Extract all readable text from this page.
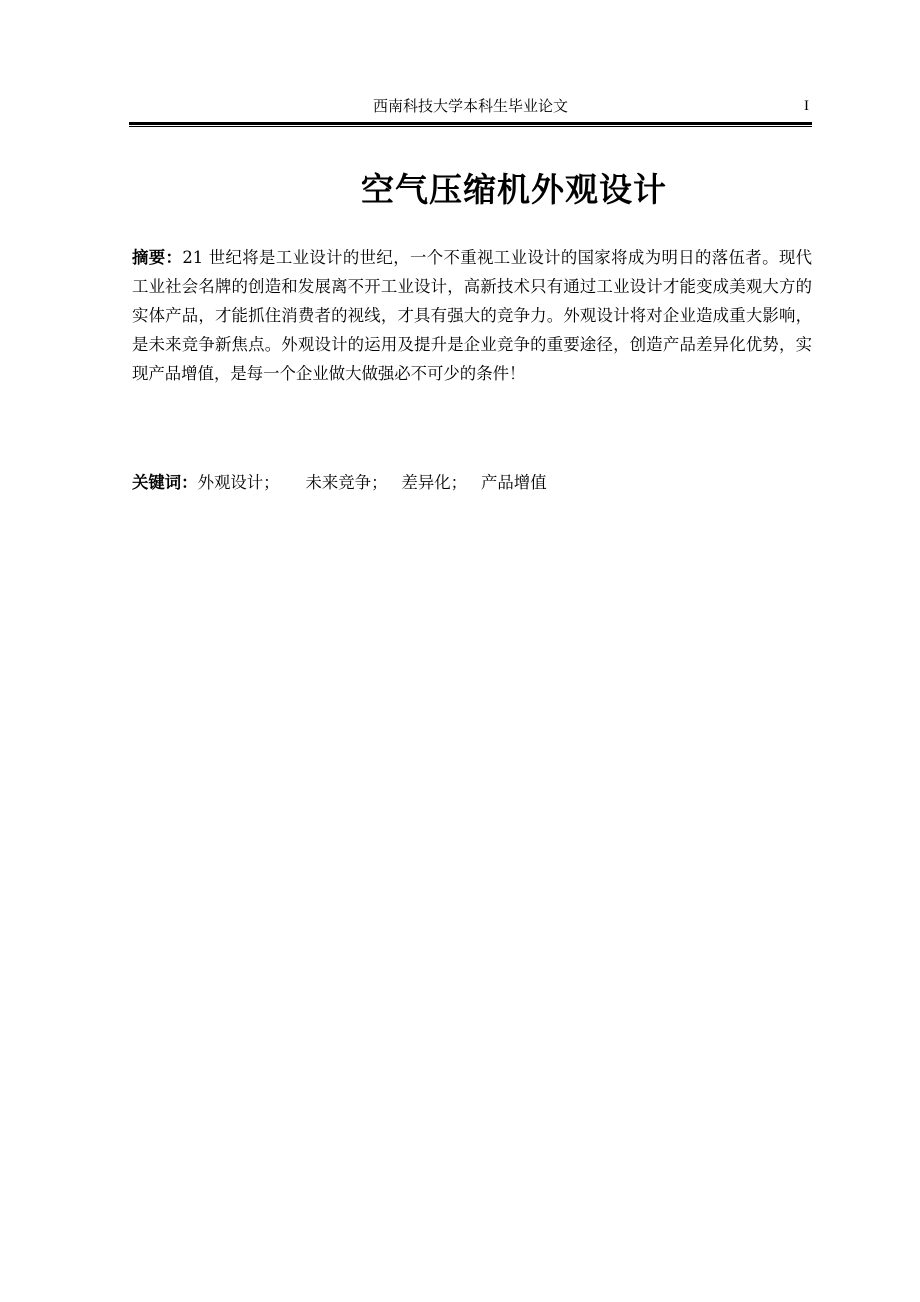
西南科技大学本科生毕业论文	I
空气压缩机外观设计

摘要：21 世纪将是工业设计的世纪，一个不重视工业设计的国家将成为明日的落伍者。现代工业社会名牌的创造和发展离不开工业设计，高新技术只有通过工业设计才能变成美观大方的实体产品，才能抓住消费者的视线，才具有强大的竞争力。外观设计将对企业造成重大影响，是未来竞争新焦点。外观设计的运用及提升是企业竞争的重要途径，创造产品差异化优势，实现产品增值，是每一个企业做大做强必不可少的条件！

关键词：外观设计； 未来竞争； 差异化； 产品增值
